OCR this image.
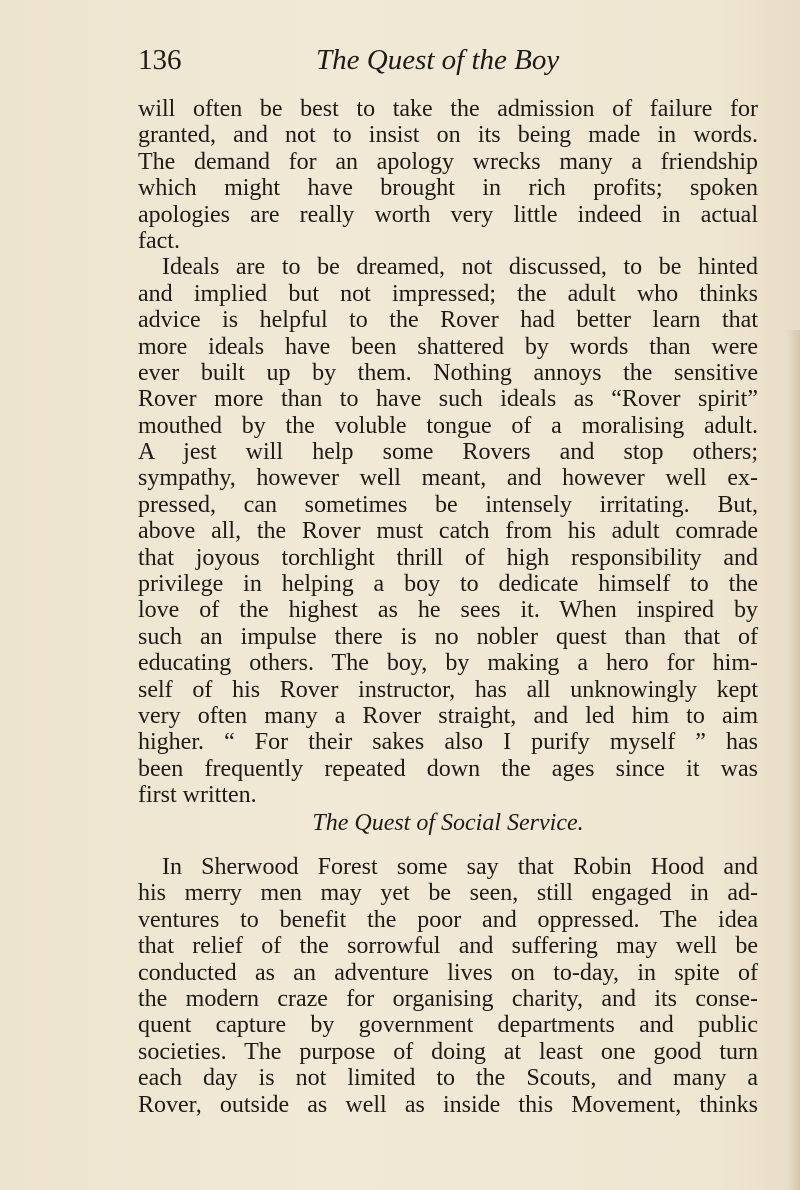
136	The Quest of the Boy
will often be best to take the admission of failure for
granted, and not to insist on its being made in words.
The demand for an apology wrecks many a friendship
which might have brought in rich profits; spoken
apologies are really worth very little indeed in actual
fact.
Ideals are to be dreamed, not discussed, to be hinted
and implied but not impressed; the adult who thinks
advice is helpful to the Rover had better learn that
more ideals have been shattered by words than were
ever built up by them. Nothing annoys the sensitive
Rover more than to have such ideals as “Rover spirit”
mouthed by the voluble tongue of a moralising adult.
A jest will help some Rovers and stop others;
sympathy, however well meant, and however well ex-
pressed, can sometimes be intensely irritating. But,
above all, the Rover must catch from his adult comrade
that joyous torchlight thrill of high responsibility and
privilege in helping a boy to dedicate himself to the
love of the highest as he sees it. When inspired by
such an impulse there is no nobler quest than that of
educating others. The boy, by making a hero for him-
self of his Rover instructor, has all unknowingly kept
very often many a Rover straight, and led him to aim
higher. “ For their sakes also I purify myself ” has
been frequently repeated down the ages since it was
first written.
The Quest of Social Service.
In Sherwood Forest some say that Robin Hood and
his merry men may yet be seen, still engaged in ad-
ventures to benefit the poor and oppressed. The idea
that relief of the sorrowful and suffering may well be
conducted as an adventure lives on to-day, in spite of
the modern craze for organising charity, and its conse-
quent capture by government departments and public
societies. The purpose of doing at least one good turn
each day is not limited to the Scouts, and many a
Rover, outside as well as inside this Movement, thinks
